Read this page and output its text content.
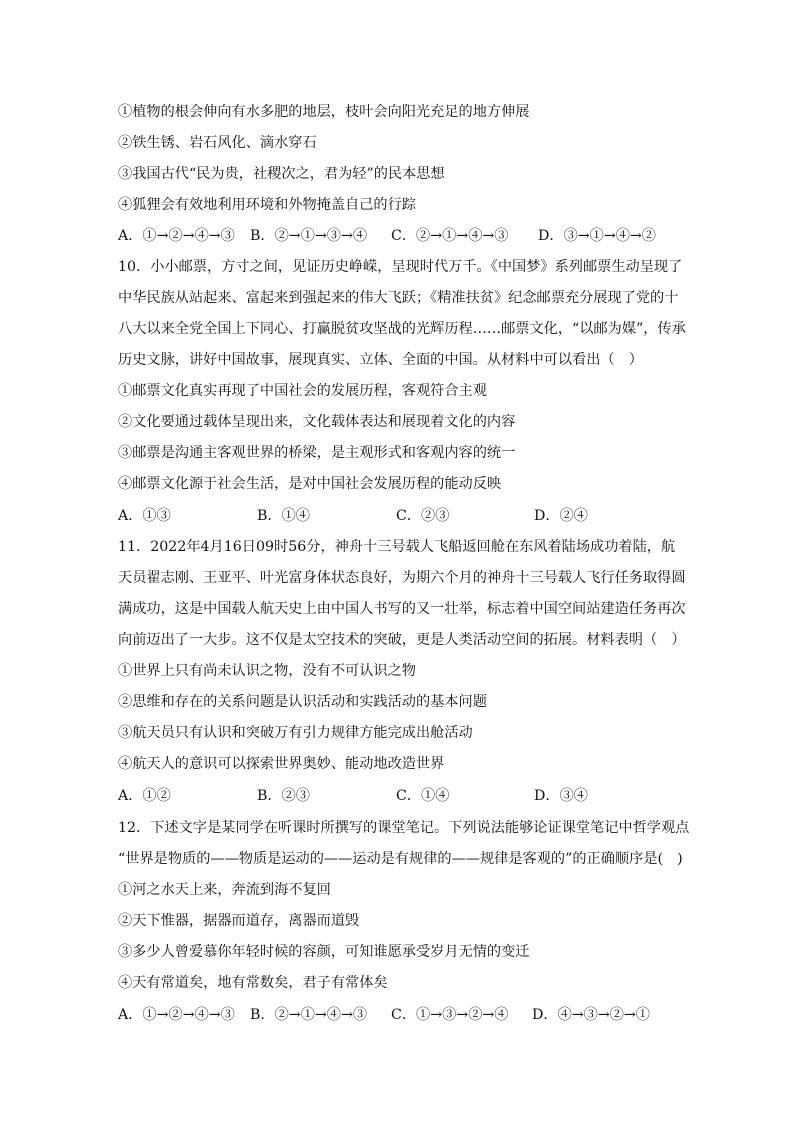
①植物的根会伸向有水多肥的地层，枝叶会向阳光充足的地方伸展
②铁生锈、岩石风化、滴水穿石
③我国古代“民为贵，社稷次之，君为轻”的民本思想
④狐狸会有效地利用环境和外物掩盖自己的行踪
A．①→②→④→③ B．②→①→③→④ C．②→①→④→③ D．③→①→④→②
10．小小邮票，方寸之间，见证历史峥嵘，呈现时代万千。《中国梦》系列邮票生动呈现了
中华民族从站起来、富起来到强起来的伟大飞跃；《精准扶贫》纪念邮票充分展现了党的十
八大以来全党全国上下同心、打赢脱贫攻坚战的光辉历程……邮票文化，“以邮为媒”，传承
历史文脉，讲好中国故事，展现真实、立体、全面的中国。从材料中可以看出（　）
①邮票文化真实再现了中国社会的发展历程，客观符合主观
②文化要通过载体呈现出来，文化载体表达和展现着文化的内容
③邮票是沟通主客观世界的桥梁，是主观形式和客观内容的统一
④邮票文化源于社会生活，是对中国社会发展历程的能动反映
A．①③	B．①④	C．②③	D．②④
11．2022年4月16日09时56分，神舟十三号载人飞船返回舱在东风着陆场成功着陆，航
天员翟志刚、王亚平、叶光富身体状态良好，为期六个月的神舟十三号载人飞行任务取得圆
满成功，这是中国载人航天史上由中国人书写的又一壮举，标志着中国空间站建造任务再次
向前迈出了一大步。这不仅是太空技术的突破，更是人类活动空间的拓展。材料表明（　）
①世界上只有尚未认识之物，没有不可认识之物
②思维和存在的关系问题是认识活动和实践活动的基本问题
③航天员只有认识和突破万有引力规律方能完成出舱活动
④航天人的意识可以探索世界奥妙、能动地改造世界
A．①②	B．②③	C．①④	D．③④
12．下述文字是某同学在听课时所撰写的课堂笔记。下列说法能够论证课堂笔记中哲学观点
“世界是物质的——物质是运动的——运动是有规律的——规律是客观的”的正确顺序是(　)
①河之水天上来，奔流到海不复回
②天下惟器，据器而道存，离器而道毁
③多少人曾爱慕你年轻时候的容颜，可知谁愿承受岁月无情的变迁
④天有常道矣，地有常数矣，君子有常体矣
A．①→②→④→③ B．②→①→④→③ C．①→③→②→④ D．④→③→②→①
